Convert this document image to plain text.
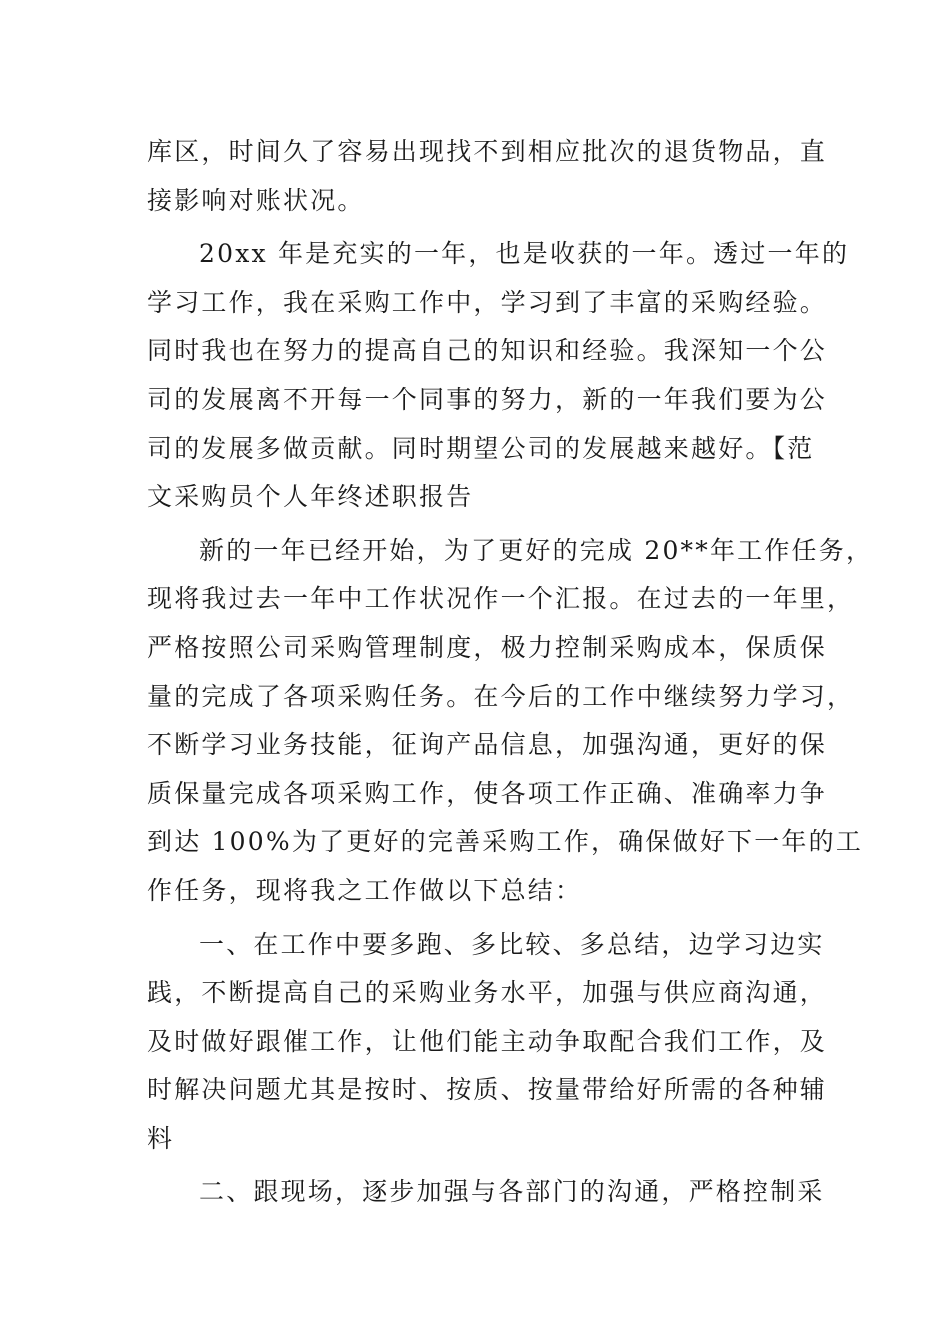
库区，时间久了容易出现找不到相应批次的退货物品，直
接影响对账状况。

20xx 年是充实的一年，也是收获的一年。透过一年的
学习工作，我在采购工作中，学习到了丰富的采购经验。
同时我也在努力的提高自己的知识和经验。我深知一个公
司的发展离不开每一个同事的努力，新的一年我们要为公
司的发展多做贡献。同时期望公司的发展越来越好。【范
文采购员个人年终述职报告

新的一年已经开始，为了更好的完成 20**年工作任务，
现将我过去一年中工作状况作一个汇报。在过去的一年里，
严格按照公司采购管理制度，极力控制采购成本，保质保
量的完成了各项采购任务。在今后的工作中继续努力学习，
不断学习业务技能，征询产品信息，加强沟通，更好的保
质保量完成各项采购工作，使各项工作正确、准确率力争
到达 100%为了更好的完善采购工作，确保做好下一年的工
作任务，现将我之工作做以下总结：

一、在工作中要多跑、多比较、多总结，边学习边实
践，不断提高自己的采购业务水平，加强与供应商沟通，
及时做好跟催工作，让他们能主动争取配合我们工作，及
时解决问题尤其是按时、按质、按量带给好所需的各种辅
料

二、跟现场，逐步加强与各部门的沟通，严格控制采
